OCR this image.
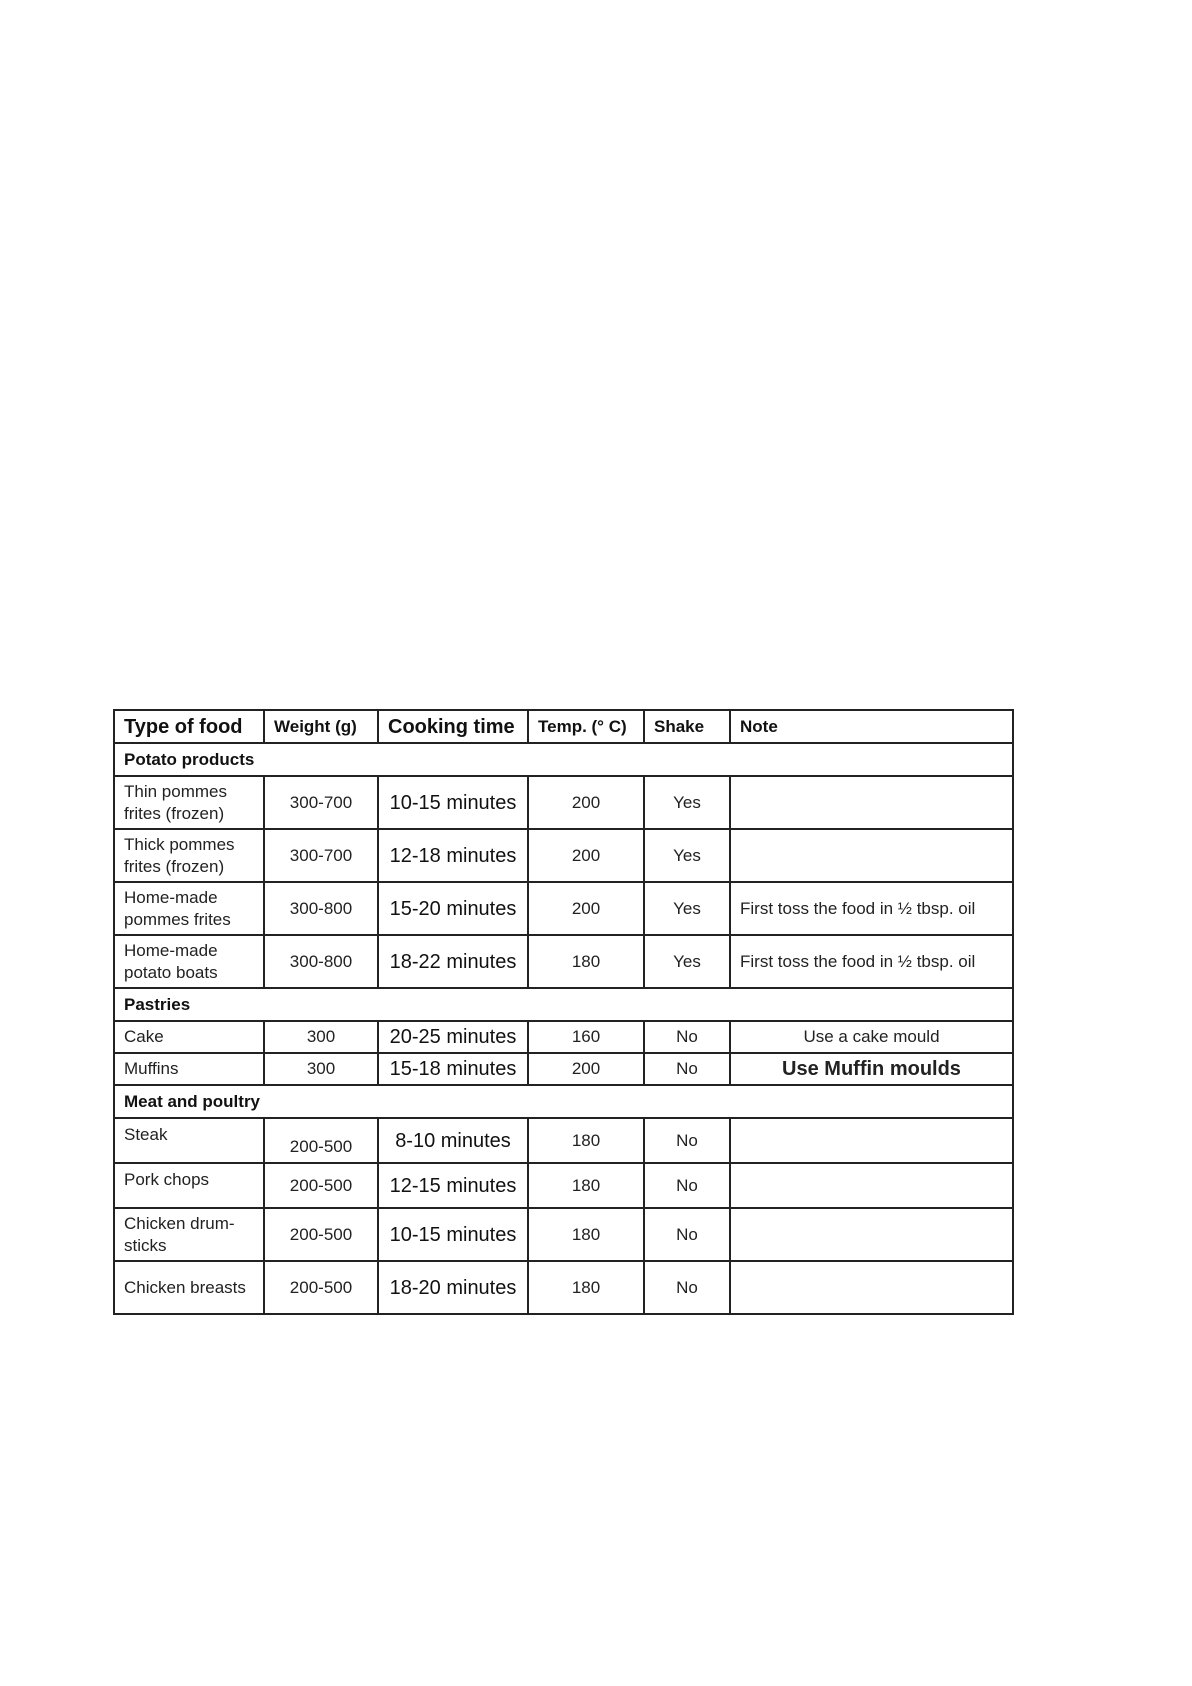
Type of food	Weight (g)	Cooking time	Temp. (° C)	Shake	Note
Potato products					
Thin pommes frites (frozen)	300-700	10-15 minutes	200	Yes	
Thick pommes frites (frozen)	300-700	12-18 minutes	200	Yes	
Home-made pommes frites	300-800	15-20 minutes	200	Yes	First toss the food in ½ tbsp. oil
Home-made potato boats	300-800	18-22 minutes	180	Yes	First toss the food in ½ tbsp. oil
Pastries					
Cake	300	20-25 minutes	160	No	Use a cake mould
Muffins	300	15-18 minutes	200	No	Use Muffin moulds
Meat and poultry					
Steak	200-500	8-10 minutes	180	No	
Pork chops	200-500	12-15 minutes	180	No	
Chicken drum-sticks	200-500	10-15 minutes	180	No	
Chicken breasts	200-500	18-20 minutes	180	No	
